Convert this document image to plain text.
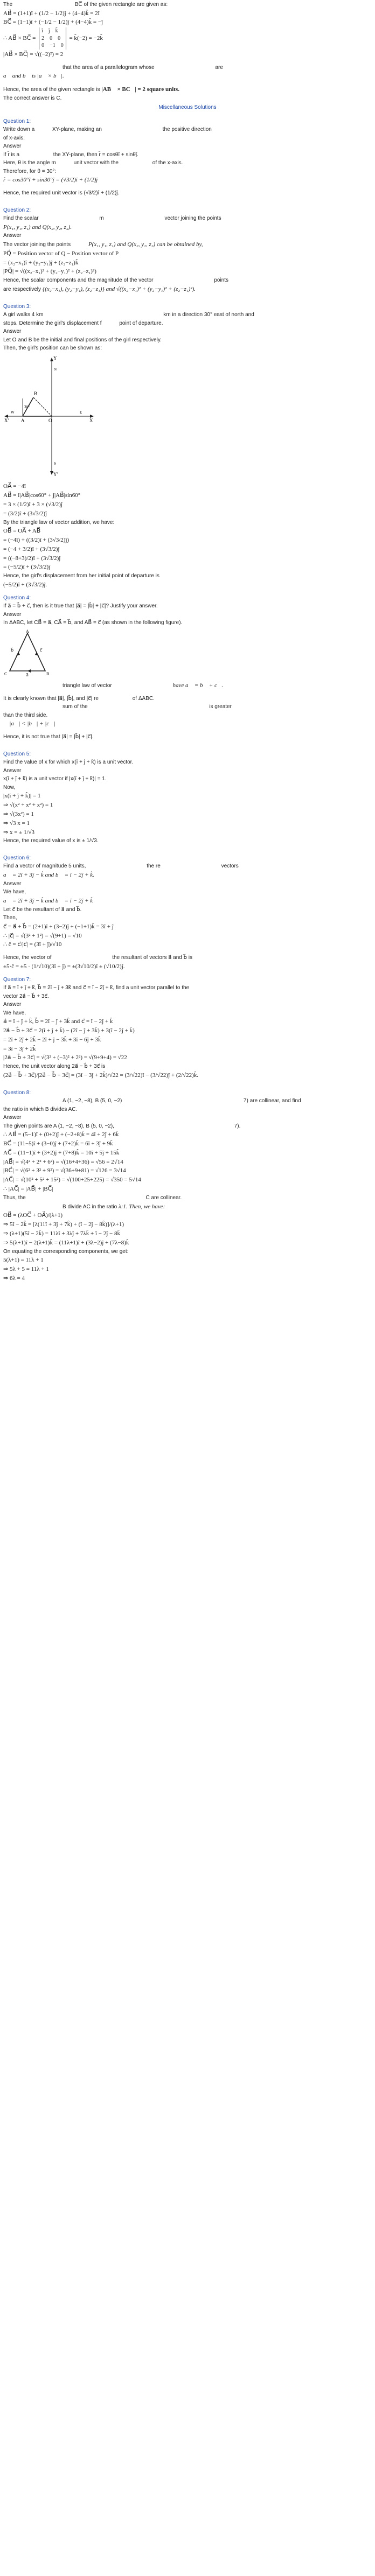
The	BC̅ of the given rectangle are given as:
AB⃗ = (1+1)î + (1/2 − 1/2)ĵ + (4−4)k̂ = 2î
BC⃗ = (1−1)î + (−1/2 − 1/2)ĵ + (4−4)k̂ = −ĵ
∴ AB⃗ × BC⃗ =
î ĵ k̂
2 0 0
0 −1 0
= k̂(−2) = −2k̂
|AB⃗ × BC⃗| = √((−2)²) = 2
that the area of a parallelogram whose	are
a⃗ and b⃗ is |a⃗ × b⃗|.
Hence, the area of the given rectangle is |AB⃗ × BC⃗| = 2 square units.
The correct answer is C.
Miscellaneous Solutions
Question 1:
Write down a	XY-plane, making an	the positive direction
of x-axis.
Answer
If r̂ is a	the XY-plane, then r̂ = cosθî + sinθĵ.
Here, θ is the angle m	unit vector with the	of the x-axis.
Therefore, for θ = 30°:
r̂ = cos30°î + sin30°ĵ = (√3/2)î + (1/2)ĵ
Hence, the required unit vector is (√3/2)î + (1/2)ĵ.
Question 2:
Find the scalar	m	vector joining the points
P(x₁, y₁, z₁) and Q(x₂, y₂, z₂).
Answer
The vector joining the points	P(x₁, y₁, z₁) and Q(x₂, y₂, z₂) can be obtained by,
PQ⃗ = Position vector of Q − Position vector of P
= (x₂−x₁)î + (y₂−y₁)ĵ + (z₂−z₁)k̂
|PQ⃗| = √((x₂−x₁)² + (y₂−y₁)² + (z₂−z₁)²)
Hence, the scalar components and the magnitude of the vector	points
are respectively {(x₂−x₁), (y₂−y₁), (z₂−z₁)} and √((x₂−x₁)² + (y₂−y₁)² + (z₂−z₁)²).
Question 3:
A girl walks 4 km	km in a direction 30° east of north and
stops. Determine the girl's displacement f	point of departure.
Answer
Let O and B be the initial and final positions of the girl respectively.
Then, the girl's position can be shown as:
Y
X
X′
Y′
B
A	O
30°
W	E
N
S
OA⃗ = −4î
AB⃗ = î|AB⃗|cos60° + ĵ|AB⃗|sin60°
= 3 × (1/2)î + 3 × (√3/2)ĵ
= (3/2)î + (3√3/2)ĵ
By the triangle law of vector addition, we have:
OB⃗ = OA⃗ + AB⃗
= (−4î) + ((3/2)î + (3√3/2)ĵ)
= (−4 + 3/2)î + (3√3/2)ĵ
= ((−8+3)/2)î + (3√3/2)ĵ
= (−5/2)î + (3√3/2)ĵ
Hence, the girl's displacement from her initial point of departure is
(−5/2)î + (3√3/2)ĵ.
Question 4:
If a⃗ = b⃗ + c⃗, then is it true that |a⃗| = |b⃗| + |c⃗|? Justify your answer.
Answer
In ΔABC, let CB⃗ = a⃗, CA⃗ = b⃗, and AB⃗ = c⃗ (as shown in the following figure).
A
B
C	a⃗
b⃗	c⃗
triangle law of vector	have a⃗ = b⃗ + c⃗.
It is clearly known that |a⃗|, |b⃗|, and |c⃗| re	of ΔABC.
sum of the	is greater
than the third side.
∴ |a⃗| < |b⃗| + |c⃗|
Hence, it is not true that |a⃗| = |b⃗| + |c⃗|.
Question 5:
Find the value of x for which x(î + ĵ + k̂) is a unit vector.
Answer
x(î + ĵ + k̂) is a unit vector if |x(î + ĵ + k̂)| = 1.
Now,
|x(î + ĵ + k̂)| = 1
⇒ √(x² + x² + x²) = 1
⇒ √(3x²) = 1
⇒ √3 x = 1
⇒ x = ± 1/√3
Hence, the required value of x is ± 1/√3.
Question 6:
Find a vector of magnitude 5 units,	the re	vectors
a⃗ = 2î + 3ĵ − k̂ and b⃗ = î − 2ĵ + k̂.
Answer
We have,
a⃗ = 2î + 3ĵ − k̂ and b⃗ = î − 2ĵ + k̂
Let c⃗ be the resultant of a⃗ and b⃗.
Then,
c⃗ = a⃗ + b⃗ = (2+1)î + (3−2)ĵ + (−1+1)k̂ = 3î + ĵ
∴ |c⃗| = √(3² + 1²) = √(9+1) = √10
∴ ĉ = c⃗/|c⃗| = (3î + ĵ)/√10
Hence, the vector of	the resultant of vectors a⃗ and b⃗ is
±5·ĉ = ±5 · (1/√10)(3î + ĵ) = ±(3√10/2)î ± (√10/2)ĵ.
Question 7:
If a⃗ = î + ĵ + k̂, b⃗ = 2î − ĵ + 3k̂ and c⃗ = î − 2ĵ + k̂, find a unit vector parallel to the
vector 2a⃗ − b⃗ + 3c⃗.
Answer
We have,
a⃗ = î + ĵ + k̂, b⃗ = 2î − ĵ + 3k̂ and c⃗ = î − 2ĵ + k̂
2a⃗ − b⃗ + 3c⃗ = 2(î + ĵ + k̂) − (2î − ĵ + 3k̂) + 3(î − 2ĵ + k̂)
= 2î + 2ĵ + 2k̂ − 2î + ĵ − 3k̂ + 3î − 6ĵ + 3k̂
= 3î − 3ĵ + 2k̂
|2a⃗ − b⃗ + 3c⃗| = √(3² + (−3)² + 2²) = √(9+9+4) = √22
Hence, the unit vector along 2a⃗ − b⃗ + 3c⃗ is
(2a⃗ − b⃗ + 3c⃗)/|2a⃗ − b⃗ + 3c⃗| = (3î − 3ĵ + 2k̂)/√22 = (3/√22)î − (3/√22)ĵ + (2/√22)k̂.
Question 8:
A (1, −2, −8), B (5, 0, −2)	7) are collinear, and find
the ratio in which B divides AC.
Answer
The given points are A (1, −2, −8), B (5, 0, −2),	7).
∴ AB⃗ = (5−1)î + (0+2)ĵ + (−2+8)k̂ = 4î + 2ĵ + 6k̂
BC⃗ = (11−5)î + (3−0)ĵ + (7+2)k̂ = 6î + 3ĵ + 9k̂
AC⃗ = (11−1)î + (3+2)ĵ + (7+8)k̂ = 10î + 5ĵ + 15k̂
|AB⃗| = √(4² + 2² + 6²) = √(16+4+36) = √56 = 2√14
|BC⃗| = √(6² + 3² + 9²) = √(36+9+81) = √126 = 3√14
|AC⃗| = √(10² + 5² + 15²) = √(100+25+225) = √350 = 5√14
∴ |AC⃗| = |AB⃗| + |BC⃗|
Thus, the	C are collinear.
B divide AC in the ratio λ:1. Then, we have:
OB⃗ = (λOC⃗ + OA⃗)/(λ+1)
⇒ 5î − 2k̂ = [λ(11î + 3ĵ + 7k̂) + (î − 2ĵ − 8k̂)]/(λ+1)
⇒ (λ+1)(5î − 2k̂) = 11λî + 3λĵ + 7λk̂ + î − 2ĵ − 8k̂
⇒ 5(λ+1)î − 2(λ+1)k̂ = (11λ+1)î + (3λ−2)ĵ + (7λ−8)k̂
On equating the corresponding components, we get:
5(λ+1) = 11λ + 1
⇒ 5λ + 5 = 11λ + 1
⇒ 6λ = 4
